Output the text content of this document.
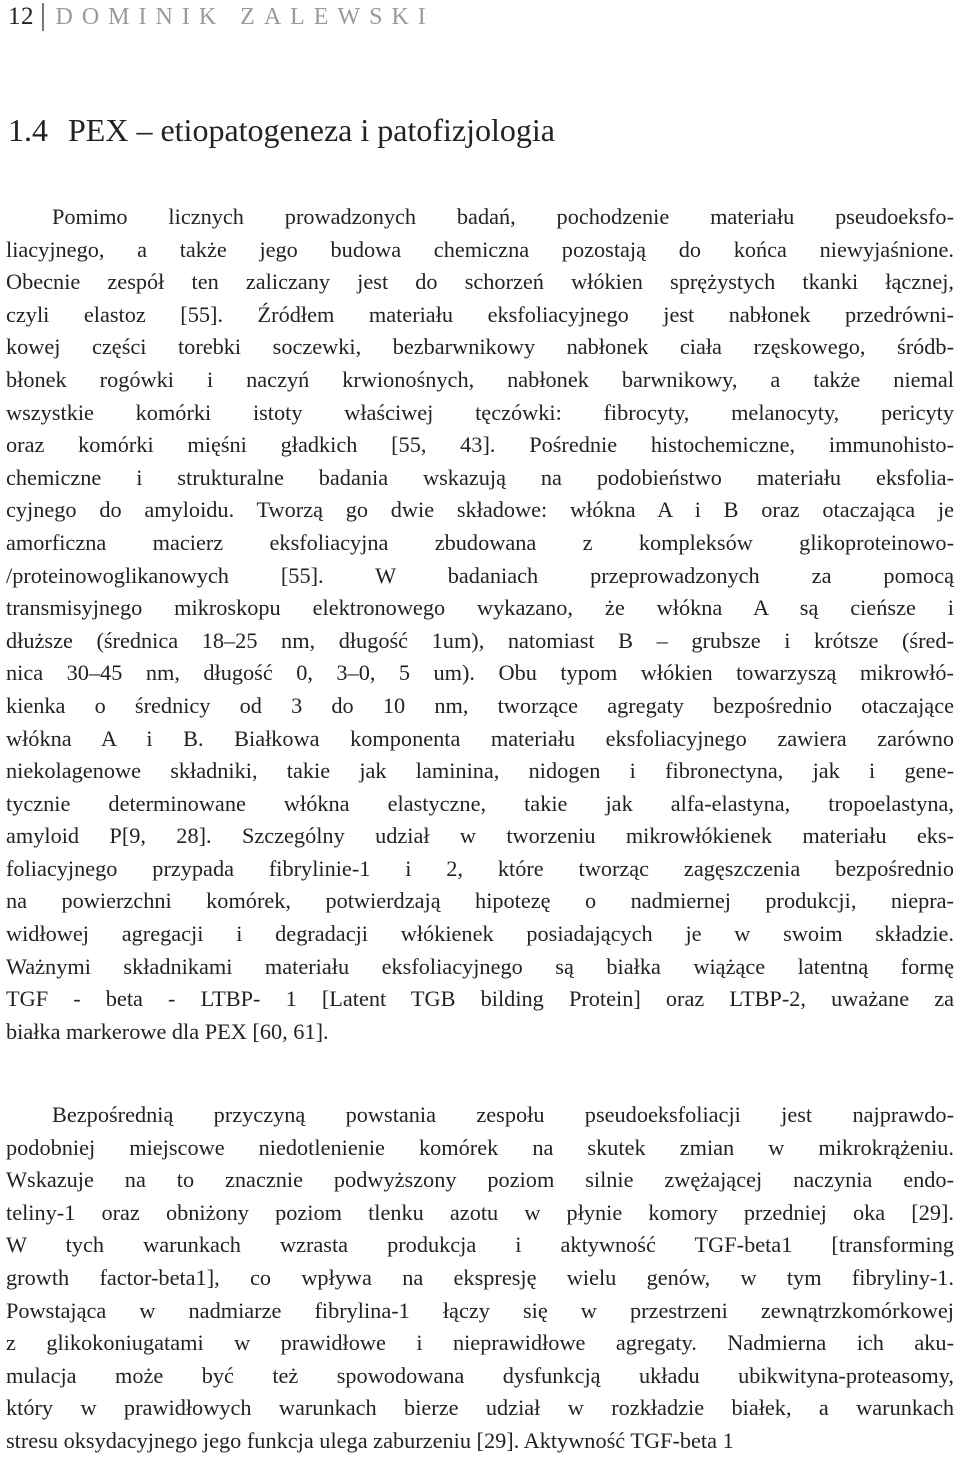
12 DOMINIK ZALEWSKI
1.4 PEX – etiopatogeneza i patofizjologia

Pomimo licznych prowadzonych badań, pochodzenie materiału pseudoeksfo-
liacyjnego, a także jego budowa chemiczna pozostają do końca niewyjaśnione.
Obecnie zespół ten zaliczany jest do schorzeń włókien sprężystych tkanki łącznej,
czyli elastoz [55]. Źródłem materiału eksfoliacyjnego jest nabłonek przedrówni-
kowej części torebki soczewki, bezbarwnikowy nabłonek ciała rzęskowego, śródb-
błonek rogówki i naczyń krwionośnych, nabłonek barwnikowy, a także niemal
wszystkie komórki istoty właściwej tęczówki: fibrocyty, melanocyty, pericyty
oraz komórki mięśni gładkich [55, 43]. Pośrednie histochemiczne, immunohisto-
chemiczne i strukturalne badania wskazują na podobieństwo materiału eksfolia-
cyjnego do amyloidu. Tworzą go dwie składowe: włókna A i B oraz otaczająca je
amorficzna macierz eksfoliacyjna zbudowana z kompleksów glikoproteinowo-
/proteinowoglikanowych [55]. W badaniach przeprowadzonych za pomocą
transmisyjnego mikroskopu elektronowego wykazano, że włókna A są cieńsze i
dłuższe (średnica 18–25 nm, długość 1um), natomiast B – grubsze i krótsze (śred-
nica 30–45 nm, długość 0, 3–0, 5 um). Obu typom włókien towarzyszą mikrowłó-
kienka o średnicy od 3 do 10 nm, tworzące agregaty bezpośrednio otaczające
włókna A i B. Białkowa komponenta materiału eksfoliacyjnego zawiera zarówno
niekolagenowe składniki, takie jak laminina, nidogen i fibronectyna, jak i gene-
tycznie determinowane włókna elastyczne, takie jak alfa-elastyna, tropoelastyna,
amyloid P[9, 28]. Szczególny udział w tworzeniu mikrowłókienek materiału eks-
foliacyjnego przypada fibrylinie-1 i 2, które tworząc zagęszczenia bezpośrednio
na powierzchni komórek, potwierdzają hipotezę o nadmiernej produkcji, niepra-
widłowej agregacji i degradacji włókienek posiadających je w swoim składzie.
Ważnymi składnikami materiału eksfoliacyjnego są białka wiążące latentną formę
TGF - beta - LTBP- 1 [Latent TGB bilding Protein] oraz LTBP-2, uważane za
białka markerowe dla PEX [60, 61].

Bezpośrednią przyczyną powstania zespołu pseudoeksfoliacji jest najprawdo-
podobniej miejscowe niedotlenienie komórek na skutek zmian w mikrokrążeniu.
Wskazuje na to znacznie podwyższony poziom silnie zwężającej naczynia endo-
teliny-1 oraz obniżony poziom tlenku azotu w płynie komory przedniej oka [29].
W tych warunkach wzrasta produkcja i aktywność TGF-beta1 [transforming
growth factor-beta1], co wpływa na ekspresję wielu genów, w tym fibryliny-1.
Powstająca w nadmiarze fibrylina-1 łączy się w przestrzeni zewnątrzkomórkowej
z glikokoniugatami w prawidłowe i nieprawidłowe agregaty. Nadmierna ich aku-
mulacja może być też spowodowana dysfunkcją układu ubikwityna-proteasomy,
który w prawidłowych warunkach bierze udział w rozkładzie białek, a warunkach
stresu oksydacyjnego jego funkcja ulega zaburzeniu [29]. Aktywność TGF-beta 1
